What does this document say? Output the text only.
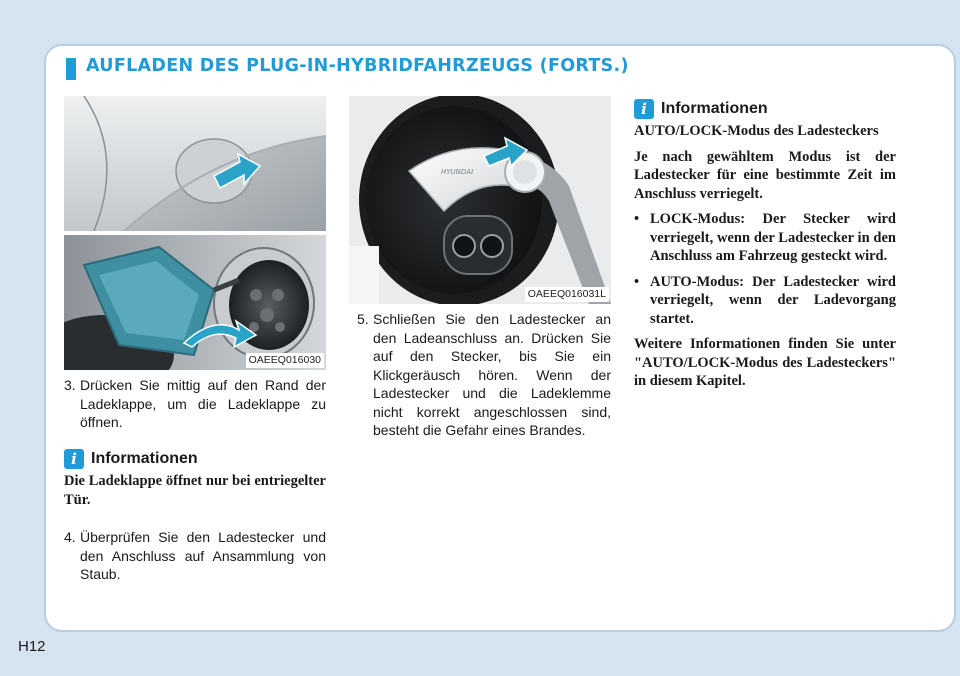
AUFLADEN DES PLUG-IN-HYBRIDFAHRZEUGS (FORTS.)
OAEEQ016030
HYUNDAI
OAEEQ016031L
3. Drücken Sie mittig auf den Rand der Ladeklappe, um die Ladeklappe zu öffnen.
i Informationen

Die Ladeklappe öffnet nur bei entriegelter Tür.

4. Überprüfen Sie den Ladestecker und den Anschluss auf Ansammlung von Staub.
5. Schließen Sie den Ladestecker an den Ladeanschluss an. Drücken Sie auf den Stecker, bis Sie ein Klickgeräusch hören. Wenn der Ladestecker und die Ladeklemme nicht korrekt angeschlossen sind, besteht die Gefahr eines Brandes.
i Informationen

AUTO/LOCK-Modus des Ladesteckers

Je nach gewähltem Modus ist der Ladestecker für eine bestimmte Zeit im Anschluss verriegelt.

• LOCK-Modus: Der Stecker wird verriegelt, wenn der Ladestecker in den Anschluss am Fahrzeug gesteckt wird.
• AUTO-Modus: Der Ladestecker wird verriegelt, wenn der Ladevorgang startet.

Weitere Informationen finden Sie unter "AUTO/LOCK-Modus des Ladesteckers" in diesem Kapitel.

H12
